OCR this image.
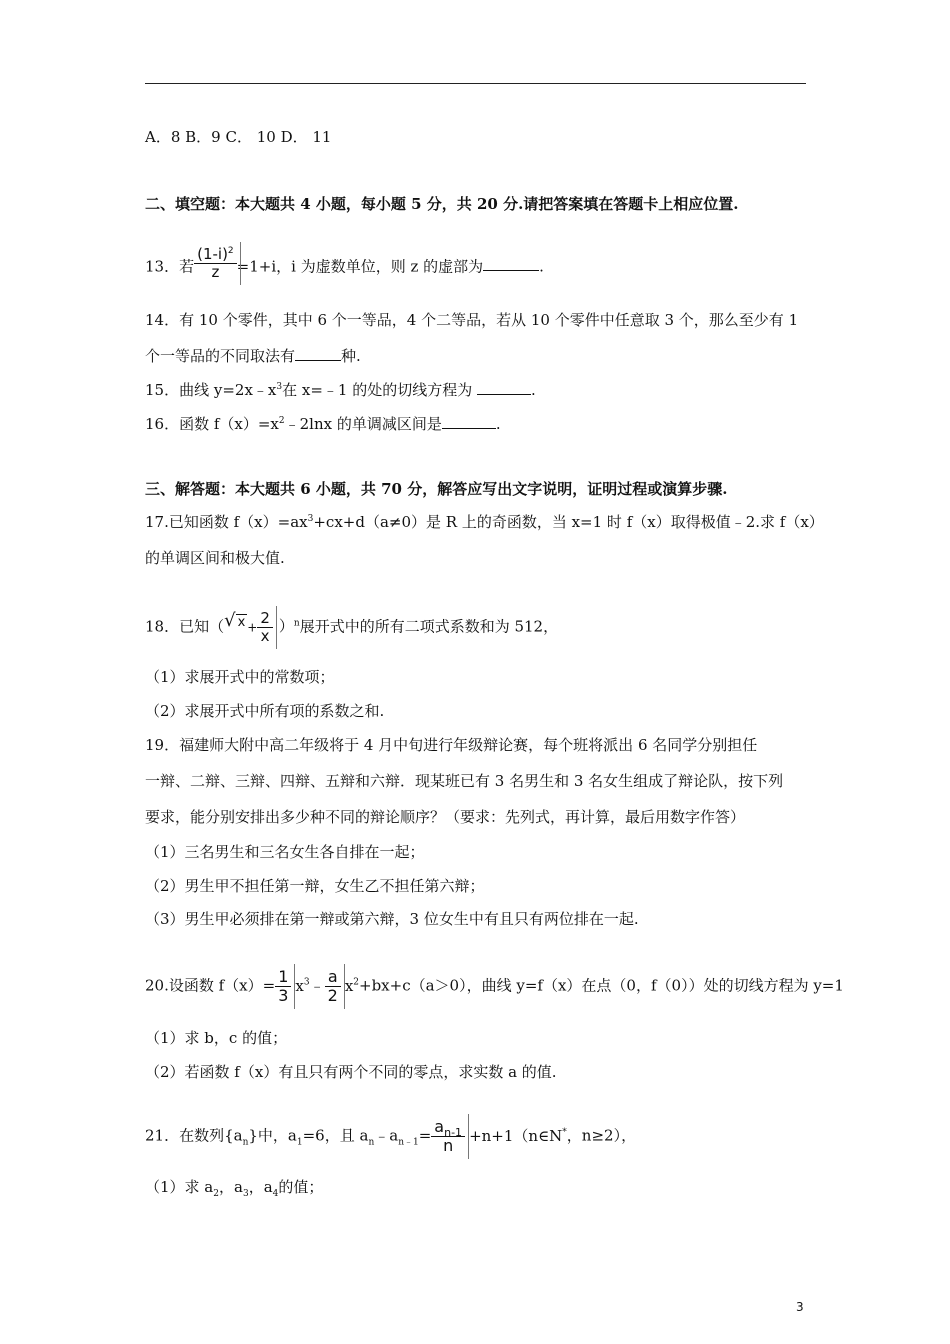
A．8 B．9 C． 10 D． 11
二、填空题：本大题共 4 小题，每小题 5 分，共 20 分.请把答案填在答题卡上相应位置.
13．若 $\frac{(1-i)^2}{z} =1+i$，i 为虚数单位，则 z 的虚部为	.
14．有 10 个零件，其中 6 个一等品，4 个二等品，若从 10 个零件中任意取 3 个，那么至少有 1
个一等品的不同取法有	种.
15．曲线 $y=2x﹣x^3$在 x=﹣1 的处的切线方程为	.
16．函数 $f(x)=x^2﹣2\ln x$ 的单调减区间是	.
三、解答题：本大题共 6 小题，共 70 分，解答应写出文字说明，证明过程或演算步骤.
17.已知函数 $f(x)=ax^3+cx+d(a\ne 0)$是 R 上的奇函数，当 x=1 时 f（x）取得极值﹣2.求 f（x）
的单调区间和极大值.
18．已知（√ $x + \frac{2}{x} )^n$展开式中的所有二项式系数和为 512，
（1）求展开式中的常数项；
（2）求展开式中所有项的系数之和.
19．福建师大附中高二年级将于 4 月中旬进行年级辩论赛，每个班将派出 6 名同学分别担任
一辩、二辩、三辩、四辩、五辩和六辩．现某班已有 3 名男生和 3 名女生组成了辩论队，按下列
要求，能分别安排出多少种不同的辩论顺序？（要求：先列式，再计算，最后用数字作答）
（1）三名男生和三名女生各自排在一起；
（2）男生甲不担任第一辩，女生乙不担任第六辩；
（3）男生甲必须排在第一辩或第六辩，3 位女生中有且只有两位排在一起.
20.设函数 $f(x)= \frac{1}{3}$ $x^3﹣ \frac{a}{2} x^2+bx+c(a>0)$，曲线 y=f（x）在点（0，f（0））处的切线方程为 y=1
（1）求 b，c 的值；
（2）若函数 f（x）有且只有两个不同的零点，求实数 a 的值.
21．在数列$\{a_n\}$中，$a_1=6$，且 $a_n﹣a_{n﹣1}= \frac{a_{n-1}}{n}$ +n+1（n∈N*，n≥2），
（1）求 $a_2$，$a_3$，$a_4$的值；
3
